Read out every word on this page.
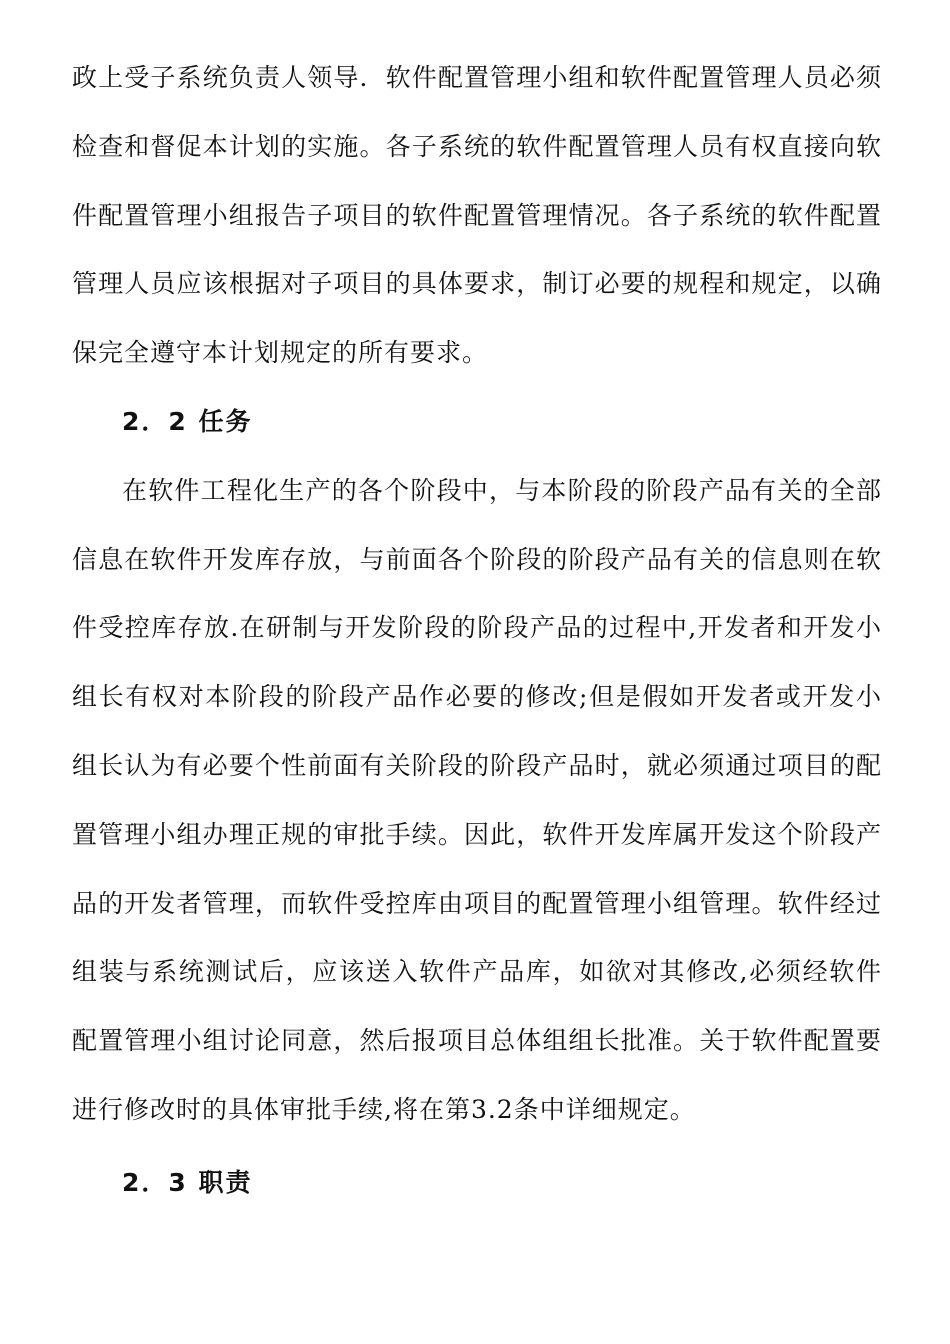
政上受子系统负责人领导．软件配置管理小组和软件配置管理人员必须检查和督促本计划的实施。各子系统的软件配置管理人员有权直接向软件配置管理小组报告子项目的软件配置管理情况。各子系统的软件配置管理人员应该根据对子项目的具体要求，制订必要的规程和规定，以确保完全遵守本计划规定的所有要求。

2．2 任务

在软件工程化生产的各个阶段中，与本阶段的阶段产品有关的全部信息在软件开发库存放，与前面各个阶段的阶段产品有关的信息则在软件受控库存放.在研制与开发阶段的阶段产品的过程中,开发者和开发小组长有权对本阶段的阶段产品作必要的修改;但是假如开发者或开发小组长认为有必要个性前面有关阶段的阶段产品时，就必须通过项目的配置管理小组办理正规的审批手续。因此，软件开发库属开发这个阶段产品的开发者管理，而软件受控库由项目的配置管理小组管理。软件经过组装与系统测试后，应该送入软件产品库，如欲对其修改,必须经软件配置管理小组讨论同意，然后报项目总体组组长批准。关于软件配置要进行修改时的具体审批手续,将在第3.2条中详细规定。

2．3 职责
